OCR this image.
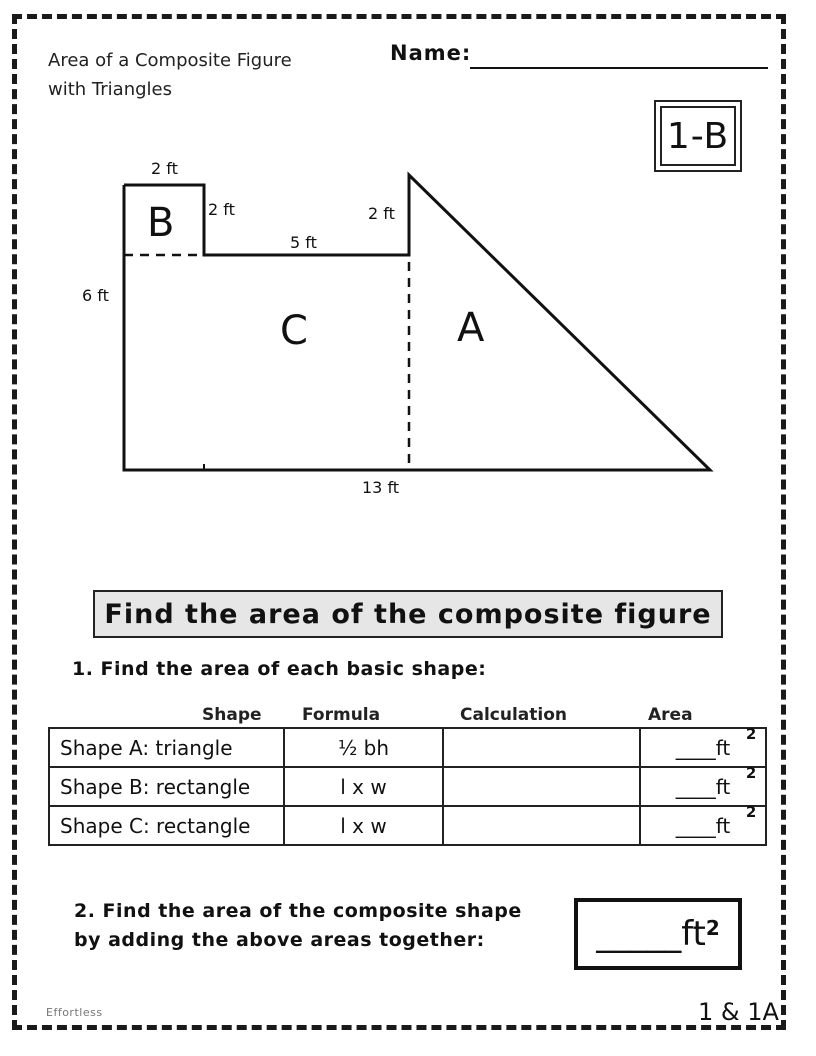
Area of a Composite Figure
with Triangles
Name:
1-B
2 ft
2 ft
5 ft
2 ft
6 ft
13 ft
B
C	A
Find the area of the composite figure
1. Find the area of each basic shape:
Shape Formula	Calculation	Area
Shape A: triangle	½ bh		____ft
2

Shape B: rectangle	l x w		____ft
2

Shape C: rectangle	l x w		____ft
2
2. Find the area of the composite shape
by adding the above areas together:	$\_\_\_\_\_ft^2$
Effortless	1 & 1A
